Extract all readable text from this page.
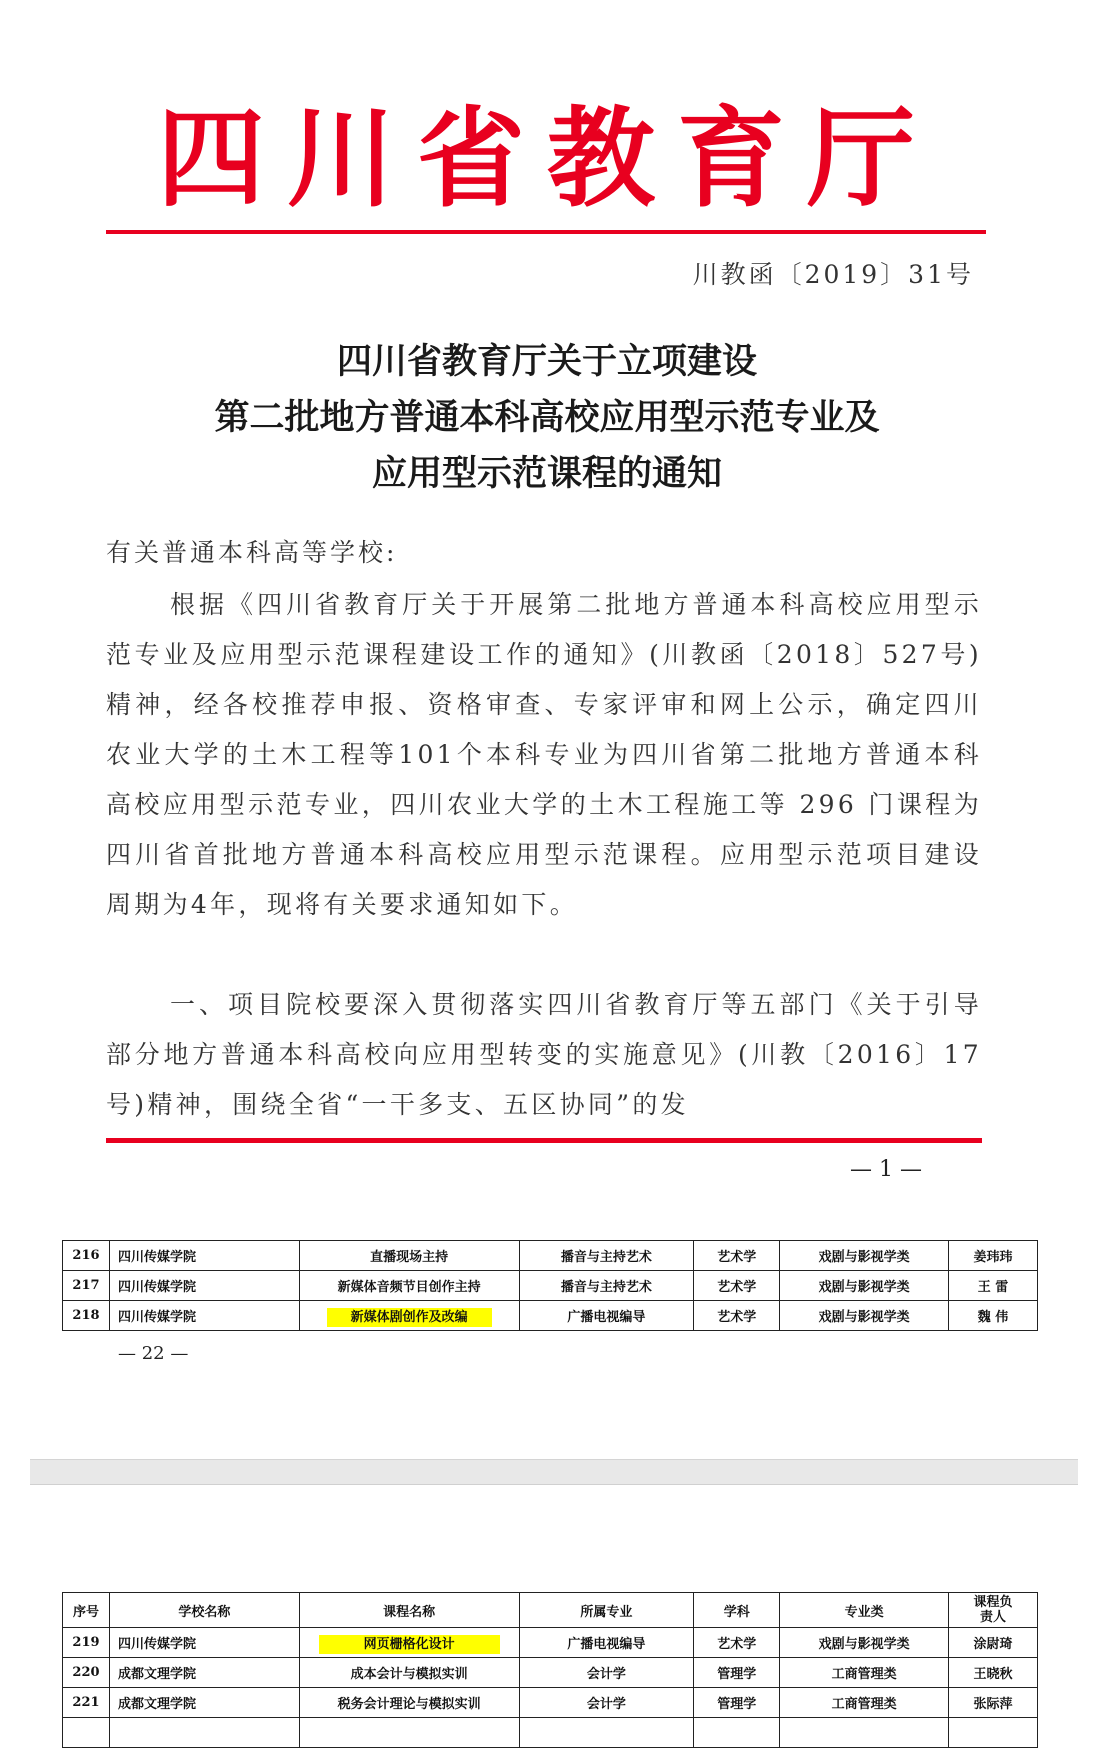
四川省教育厅
川教函〔2019〕31号
四川省教育厅关于立项建设
第二批地方普通本科高校应用型示范专业及
应用型示范课程的通知
有关普通本科高等学校:
根据《四川省教育厅关于开展第二批地方普通本科高校应用型示范专业及应用型示范课程建设工作的通知》(川教函〔2018〕527号)精神，经各校推荐申报、资格审查、专家评审和网上公示，确定四川农业大学的土木工程等101个本科专业为四川省第二批地方普通本科高校应用型示范专业，四川农业大学的土木工程施工等 296 门课程为四川省首批地方普通本科高校应用型示范课程。应用型示范项目建设周期为4年，现将有关要求通知如下。
一、项目院校要深入贯彻落实四川省教育厅等五部门《关于引导部分地方普通本科高校向应用型转变的实施意见》(川教〔2016〕17号)精神，围绕全省“一干多支、五区协同”的发
— 1 —
216	四川传媒学院	直播现场主持	播音与主持艺术	艺术学	戏剧与影视学类	姜玮玮
217	四川传媒学院	新媒体音频节目创作主持	播音与主持艺术	艺术学	戏剧与影视学类	王 雷
218	四川传媒学院	新媒体剧创作及改编	广播电视编导	艺术学	戏剧与影视学类	魏 伟
— 22 —
序号	学校名称	课程名称	所属专业	学科	专业类	课程负责人
219	四川传媒学院	网页栅格化设计	广播电视编导	艺术学	戏剧与影视学类	涂尉琦
220	成都文理学院	成本会计与模拟实训	会计学	管理学	工商管理类	王晓秋
221	成都文理学院	税务会计理论与模拟实训	会计学	管理学	工商管理类	张际萍
